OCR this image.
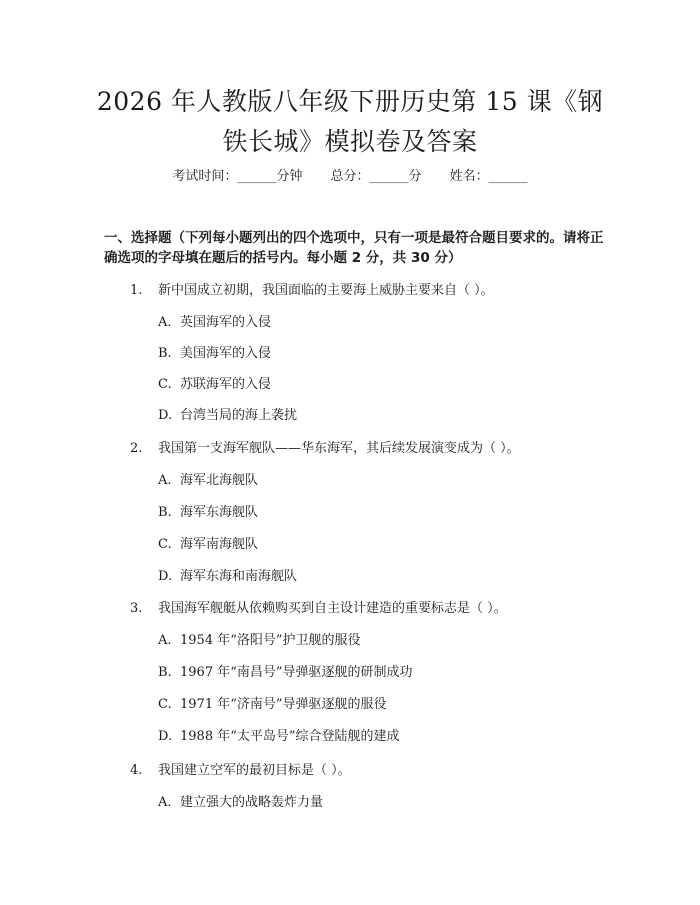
2026 年人教版八年级下册历史第 15 课《钢
铁长城》模拟卷及答案
考试时间：______分钟 总分：______分 姓名：______
一、选择题（下列每小题列出的四个选项中，只有一项是最符合题目要求的。请将正确选项的字母填在题后的括号内。每小题 2 分，共 30 分）
1. 新中国成立初期，我国面临的主要海上威胁主要来自（ ）。
A. 英国海军的入侵
B. 美国海军的入侵
C. 苏联海军的入侵
D. 台湾当局的海上袭扰
2. 我国第一支海军舰队——华东海军，其后续发展演变成为（ ）。
A. 海军北海舰队
B. 海军东海舰队
C. 海军南海舰队
D. 海军东海和南海舰队
3. 我国海军舰艇从依赖购买到自主设计建造的重要标志是（ ）。
A. 1954 年“洛阳号”护卫舰的服役
B. 1967 年“南昌号”导弹驱逐舰的研制成功
C. 1971 年“济南号”导弹驱逐舰的服役
D. 1988 年“太平岛号”综合登陆舰的建成
4. 我国建立空军的最初目标是（ ）。
A. 建立强大的战略轰炸力量
